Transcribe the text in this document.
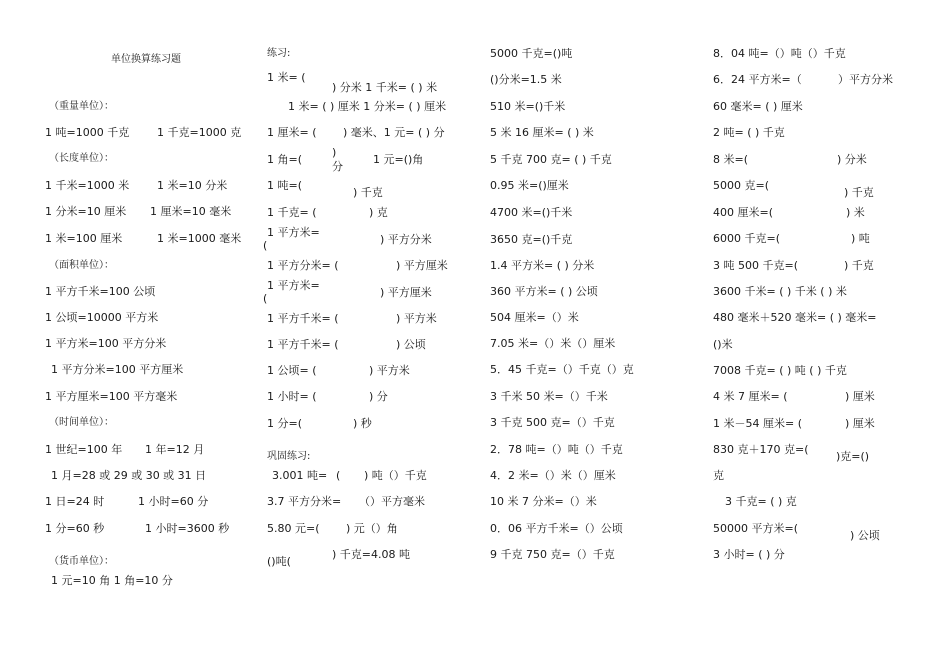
单位换算练习题
（重量单位）：
1 吨=1000 千克	1 千克=1000 克
（长度单位）：
1 千米=1000 米	1 米=10 分米
1 分米=10 厘米 1 厘米=10 毫米
1 米=100 厘米	1 米=1000 毫米
（面积单位）：
1 平方千米=100 公顷
1 公顷=10000 平方米
1 平方米=100 平方分米
1 平方分米=100 平方厘米
1 平方厘米=100 平方毫米
（时间单位）：
1 世纪=100 年 1 年=12 月
1 月=28 或 29 或 30 或 31 日
1 日=24 时	1 小时=60 分
1 分=60 秒	1 小时=3600 秒
（货币单位）：
1 元=10 角 1 角=10 分
练习:
1 米= (
) 分米 1 千米= ( ) 米
1 米= ( ) 厘米 1 分米= ( ) 厘米
1 厘米= ( ) 毫米、1 元= ( ) 分
1 角=(
)
分
1 元=()角
1 吨=(
) 千克
1 千克= (	) 克
1 平方米=
(	) 平方分米
1 平方分米= (	) 平方厘米
1 平方米=
(	) 平方厘米
1 平方千米= (	) 平方米
1 平方千米= (	) 公顷
1 公顷= (	) 平方米
1 小时= (	) 分
1 分=(	) 秒
巩固练习:
3.001 吨= ( ) 吨（）千克
3.7 平方分米= （）平方毫米
5.80 元=( ) 元（）角
()吨(
) 千克=4.08 吨
5000 千克=()吨
()分米=1.5 米
510 米=()千米
5 米 16 厘米= ( ) 米
5 千克 700 克= ( ) 千克
0.95 米=()厘米
4700 米=()千米
3650 克=()千克
1.4 平方米= ( ) 分米
360 平方米= ( ) 公顷
504 厘米=（）米
7.05 米=（）米（）厘米
5．45 千克=（）千克（）克
3 千米 50 米=（）千米
3 千克 500 克=（）千克
2．78 吨=（）吨（）千克
4．2 米=（）米（）厘米
10 米 7 分米=（）米
0．06 平方千米=（）公顷
9 千克 750 克=（）千克
8．04 吨=（）吨（）千克
6．24 平方米=（	）平方分米
60 毫米= ( ) 厘米
2 吨= ( ) 千克
8 米=(	) 分米
5000 克=(
) 千克
400 厘米=(	) 米
6000 千克=(	) 吨
3 吨 500 千克=(	) 千克
3600 千米= ( ) 千米 ( ) 米
480 毫米＋520 毫米= ( ) 毫米=
()米
7008 千克= ( ) 吨 ( ) 千克
4 米 7 厘米= (	) 厘米
1 米－54 厘米= (	) 厘米
830 克＋170 克=(
)克=()
克
3 千克= ( ) 克
50000 平方米=(
) 公顷
3 小时= ( ) 分
